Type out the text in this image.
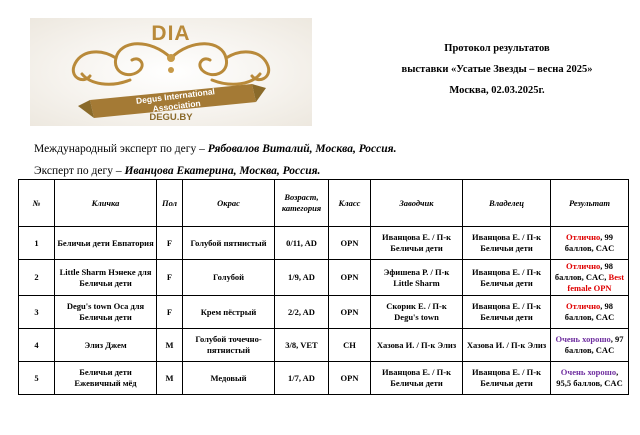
DIA
Degus International Association
DEGU.BY
Протокол результатов
выставки «Усатые Звезды – весна 2025»
Москва, 02.03.2025г.
Международный эксперт по дегу – Рябовалов Виталий, Москва, Россия.
Эксперт по дегу – Иванцова Екатерина, Москва, Россия.
№	Кличка	Пол	Окрас	Возраст, категория	Класс	Заводчик	Владелец	Результат
1	Беличьи дети Евпатория	F	Голубой пятнистый	0/11, AD	OPN	Иванцова Е. / П-к Беличьи дети	Иванцова Е. / П-к Беличьи дети	Отлично, 99 баллов, CAC
2	Little Sharm Нэнеке для Беличьи дети	F	Голубой	1/9, AD	OPN	Эфишева Р. / П-к Little Sharm	Иванцова Е. / П-к Беличьи дети	Отлично, 98 баллов, CAC, Best female OPN
3	Degu's town Оса для Беличьи дети	F	Крем пёстрый	2/2, AD	OPN	Скорик Е. / П-к Degu's town	Иванцова Е. / П-к Беличьи дети	Отлично, 98 баллов, CAC
4	Элиз Джем	M	Голубой точечно-пятнистый	3/8, VET	CH	Хазова И. / П-к Элиз	Хазова И. / П-к Элиз	Очень хорошо, 97 баллов, CAC
5	Беличьи дети Ежевичный мёд	M	Медовый	1/7, AD	OPN	Иванцова Е. / П-к Беличьи дети	Иванцова Е. / П-к Беличьи дети	Очень хорошо, 95,5 баллов, CAC
